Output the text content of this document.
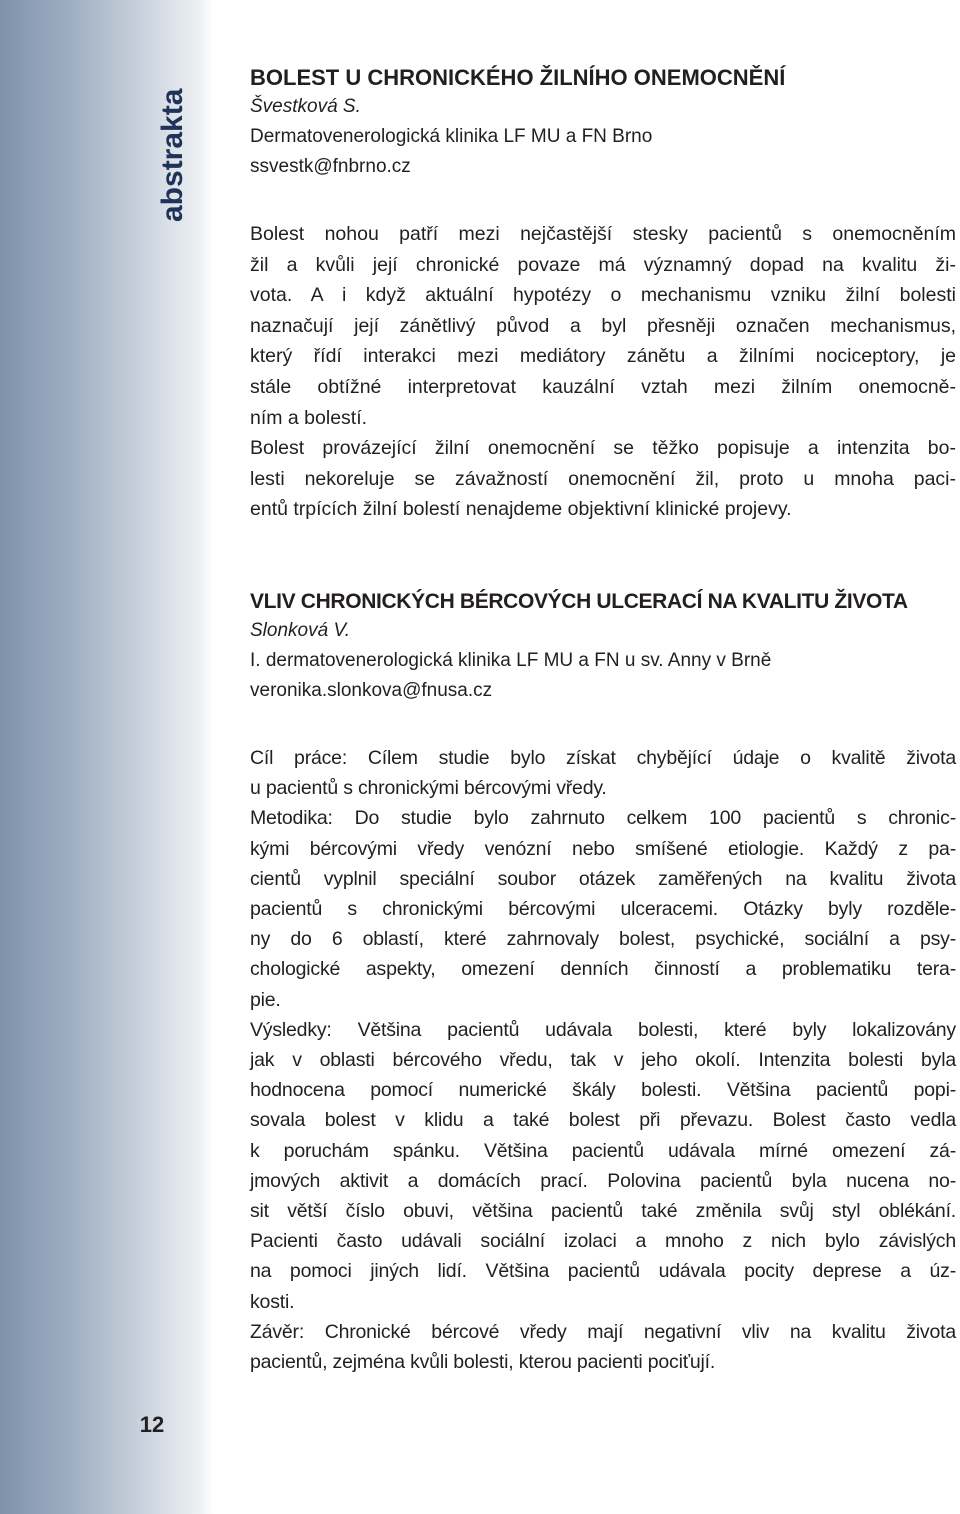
abstrakta
12
BOLEST U CHRONICKÉHO ŽILNÍHO ONEMOCNĚNÍ
Švestková S.
Dermatovenerologická klinika LF MU a FN Brno
ssvestk@fnbrno.cz
Bolest nohou patří mezi nejčastější stesky pacientů s onemocněním
žil a kvůli její chronické povaze má významný dopad na kvalitu ži-
vota. A i když aktuální hypotézy o mechanismu vzniku žilní bolesti
naznačují její zánětlivý původ a byl přesněji označen mechanismus,
který řídí interakci mezi mediátory zánětu a žilními nociceptory, je
stále obtížné interpretovat kauzální vztah mezi žilním onemocně-
ním a bolestí.
Bolest provázející žilní onemocnění se těžko popisuje a intenzita bo-
lesti nekoreluje se závažností onemocnění žil, proto u mnoha paci-
entů trpících žilní bolestí nenajdeme objektivní klinické projevy.
VLIV CHRONICKÝCH BÉRCOVÝCH ULCERACÍ NA KVALITU ŽIVOTA
Slonková V.
I. dermatovenerologická klinika LF MU a FN u sv. Anny v Brně
veronika.slonkova@fnusa.cz
Cíl práce: Cílem studie bylo získat chybějící údaje o kvalitě života
u pacientů s chronickými bércovými vředy.
Metodika: Do studie bylo zahrnuto celkem 100 pacientů s chronic-
kými bércovými vředy venózní nebo smíšené etiologie. Každý z pa-
cientů vyplnil speciální soubor otázek zaměřených na kvalitu života
pacientů s chronickými bércovými ulceracemi. Otázky byly rozděle-
ny do 6 oblastí, které zahrnovaly bolest, psychické, sociální a psy-
chologické aspekty, omezení denních činností a problematiku tera-
pie.
Výsledky: Většina pacientů udávala bolesti, které byly lokalizovány
jak v oblasti bércového vředu, tak v jeho okolí. Intenzita bolesti byla
hodnocena pomocí numerické škály bolesti. Většina pacientů popi-
sovala bolest v klidu a také bolest při převazu. Bolest často vedla
k poruchám spánku. Většina pacientů udávala mírné omezení zá-
jmových aktivit a domácích prací. Polovina pacientů byla nucena no-
sit větší číslo obuvi, většina pacientů také změnila svůj styl oblékání.
Pacienti často udávali sociální izolaci a mnoho z nich bylo závislých
na pomoci jiných lidí. Většina pacientů udávala pocity deprese a úz-
kosti.
Závěr: Chronické bércové vředy mají negativní vliv na kvalitu života
pacientů, zejména kvůli bolesti, kterou pacienti pociťují.
